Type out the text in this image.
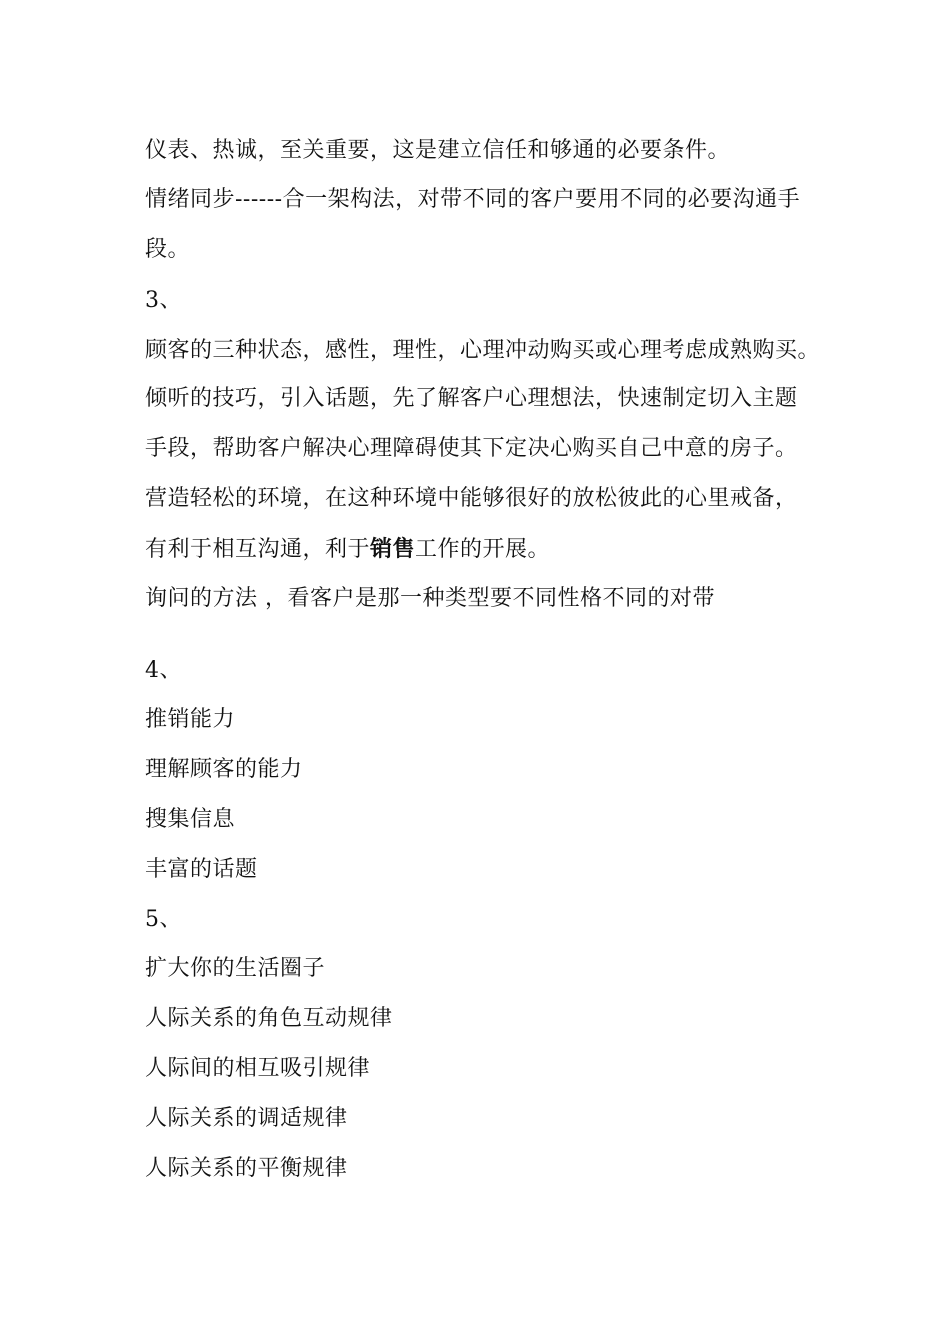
仪表、热诚，至关重要，这是建立信任和够通的必要条件。
情绪同步------合一架构法，对带不同的客户要用不同的必要沟通手
段。
3、
顾客的三种状态，感性，理性，心理冲动购买或心理考虑成熟购买。
倾听的技巧，引入话题，先了解客户心理想法，快速制定切入主题
手段，帮助客户解决心理障碍使其下定决心购买自己中意的房子。
营造轻松的环境，在这种环境中能够很好的放松彼此的心里戒备，
有利于相互沟通，利于销售工作的开展。
询问的方法 ，看客户是那一种类型要不同性格不同的对带
4、
推销能力
理解顾客的能力
搜集信息
丰富的话题
5、
扩大你的生活圈子
人际关系的角色互动规律
人际间的相互吸引规律
人际关系的调适规律
人际关系的平衡规律
